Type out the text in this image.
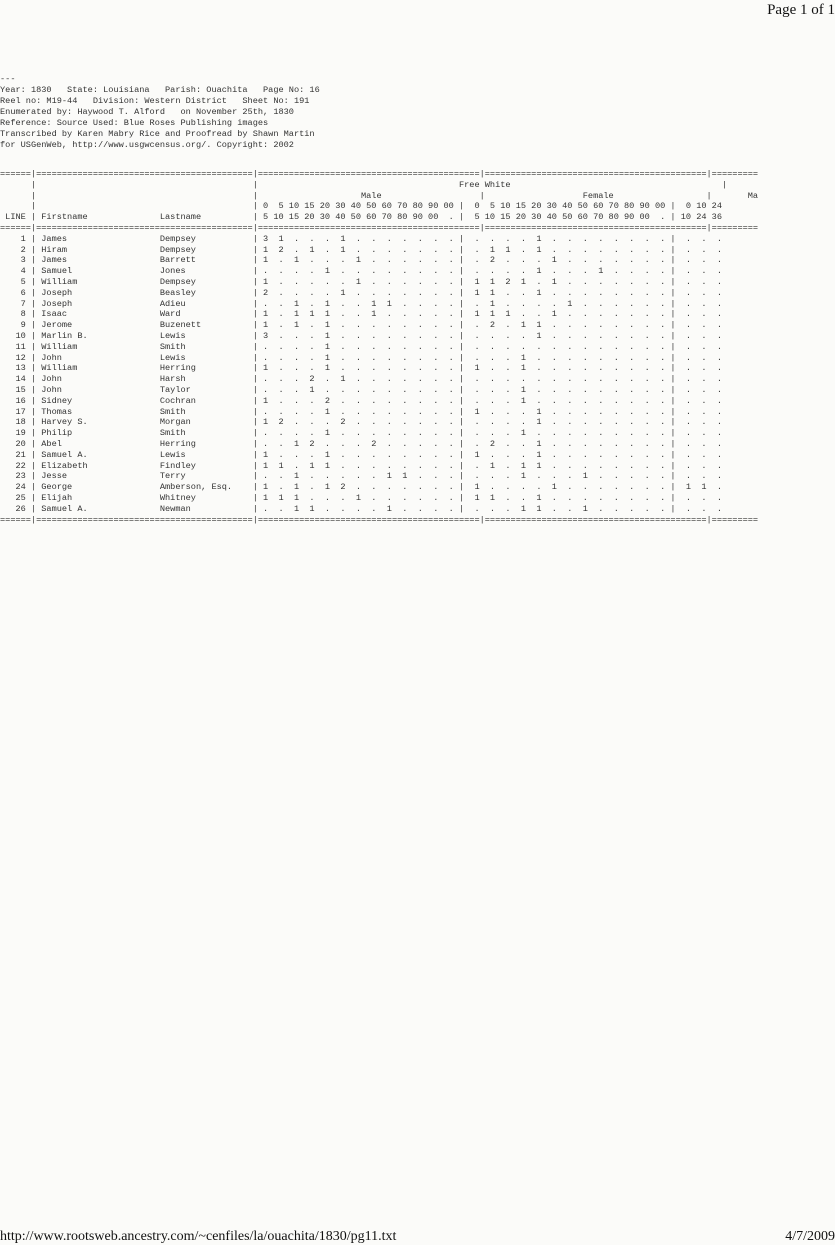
Page 1 of 1
---
Year: 1830   State: Louisiana   Parish: Ouachita   Page No: 16
Reel no: M19-44   Division: Western District   Sheet No: 191
Enumerated by: Haywood T. Alford   on November 25th, 1830
Reference: Source Used: Blue Roses Publishing images
Transcribed by Karen Mabry Rice and Proofread by Shawn Martin
for USGenWeb, http://www.usgwcensus.org/. Copyright: 2002
======|==========================================|===========================================|===========================================|=========
|                                          |                                       Free White                                         |
|                                          |                    Male                   |                   Female                  |       Ma
|                                          | 0  5 10 15 20 30 40 50 60 70 80 90 00 |  0  5 10 15 20 30 40 50 60 70 80 90 00 |  0 10 24
LINE | Firstname              Lastname          | 5 10 15 20 30 40 50 60 70 80 90 00  . |  5 10 15 20 30 40 50 60 70 80 90 00  . | 10 24 36
======|==========================================|===========================================|===========================================|=========
1 | James                  Dempsey           | 3  1  .  .  .  1  .  .  .  .  .  .  . |  .  .  .  .  1  .  .  .  .  .  .  .  . |  .  .  .
2 | Hiram                  Dempsey           | 1  2  .  1  .  1  .  .  .  .  .  .  . |  .  1  1  .  1  .  .  .  .  .  .  .  . |  .  .  .
3 | James                  Barrett           | 1  .  1  .  .  .  1  .  .  .  .  .  . |  .  2  .  .  .  1  .  .  .  .  .  .  . |  .  .  .
4 | Samuel                 Jones             | .  .  .  .  1  .  .  .  .  .  .  .  . |  .  .  .  .  1  .  .  .  1  .  .  .  . |  .  .  .
5 | William                Dempsey           | 1  .  .  .  .  .  1  .  .  .  .  .  . |  1  1  2  1  .  1  .  .  .  .  .  .  . |  .  .  .
6 | Joseph                 Beasley           | 2  .  .  .  .  1  .  .  .  .  .  .  . |  1  1  .  .  1  .  .  .  .  .  .  .  . |  .  .  .
7 | Joseph                 Adieu             | .  .  1  .  1  .  .  1  1  .  .  .  . |  .  1  .  .  .  .  1  .  .  .  .  .  . |  .  .  .
8 | Isaac                  Ward              | 1  .  1  1  1  .  .  1  .  .  .  .  . |  1  1  1  .  .  1  .  .  .  .  .  .  . |  .  .  .
9 | Jerome                 Buzenett          | 1  .  1  .  1  .  .  .  .  .  .  .  . |  .  2  .  1  1  .  .  .  .  .  .  .  . |  .  .  .
10 | Marlin B.              Lewis             | 3  .  .  .  1  .  .  .  .  .  .  .  . |  .  .  .  .  1  .  .  .  .  .  .  .  . |  .  .  .
11 | William                Smith             | .  .  .  .  1  .  .  .  .  .  .  .  . |  .  .  .  .  .  .  .  .  .  .  .  .  . |  .  .  .
12 | John                   Lewis             | .  .  .  .  1  .  .  .  .  .  .  .  . |  .  .  .  1  .  .  .  .  .  .  .  .  . |  .  .  .
13 | William                Herring           | 1  .  .  .  1  .  .  .  .  .  .  .  . |  1  .  .  1  .  .  .  .  .  .  .  .  . |  .  .  .
14 | John                   Harsh             | .  .  .  2  .  1  .  .  .  .  .  .  . |  .  .  .  .  .  .  .  .  .  .  .  .  . |  .  .  .
15 | John                   Taylor            | .  .  .  1  .  .  .  .  .  .  .  .  . |  .  .  .  1  .  .  .  .  .  .  .  .  . |  .  .  .
16 | Sidney                 Cochran           | 1  .  .  .  2  .  .  .  .  .  .  .  . |  .  .  .  1  .  .  .  .  .  .  .  .  . |  .  .  .
17 | Thomas                 Smith             | .  .  .  .  1  .  .  .  .  .  .  .  . |  1  .  .  .  1  .  .  .  .  .  .  .  . |  .  .  .
18 | Harvey S.              Morgan            | 1  2  .  .  .  2  .  .  .  .  .  .  . |  .  .  .  .  1  .  .  .  .  .  .  .  . |  .  .  .
19 | Philip                 Smith             | .  .  .  .  1  .  .  .  .  .  .  .  . |  .  .  .  1  .  .  .  .  .  .  .  .  . |  .  .  .
20 | Abel                   Herring           | .  .  1  2  .  .  .  2  .  .  .  .  . |  .  2  .  .  1  .  .  .  .  .  .  .  . |  .  .  .
21 | Samuel A.              Lewis             | 1  .  .  .  1  .  .  .  .  .  .  .  . |  1  .  .  .  1  .  .  .  .  .  .  .  . |  .  .  .
22 | Elizabeth              Findley           | 1  1  .  1  1  .  .  .  .  .  .  .  . |  .  1  .  1  1  .  .  .  .  .  .  .  . |  .  .  .
23 | Jesse                  Terry             | .  .  1  .  .  .  .  .  1  1  .  .  . |  .  .  .  1  .  .  .  1  .  .  .  .  . |  .  .  .
24 | George                 Amberson, Esq.    | 1  .  1  .  1  2  .  .  .  .  .  .  . |  1  .  .  .  .  1  .  .  .  .  .  .  . |  1  1  .
25 | Elijah                 Whitney           | 1  1  1  .  .  .  1  .  .  .  .  .  . |  1  1  .  .  1  .  .  .  .  .  .  .  . |  .  .  .
26 | Samuel A.              Newman            | .  .  1  1  .  .  .  .  1  .  .  .  . |  .  .  .  1  1  .  .  1  .  .  .  .  . |  .  .  .
======|==========================================|===========================================|===========================================|=========
http://www.rootsweb.ancestry.com/~cenfiles/la/ouachita/1830/pg11.txt	4/7/2009
